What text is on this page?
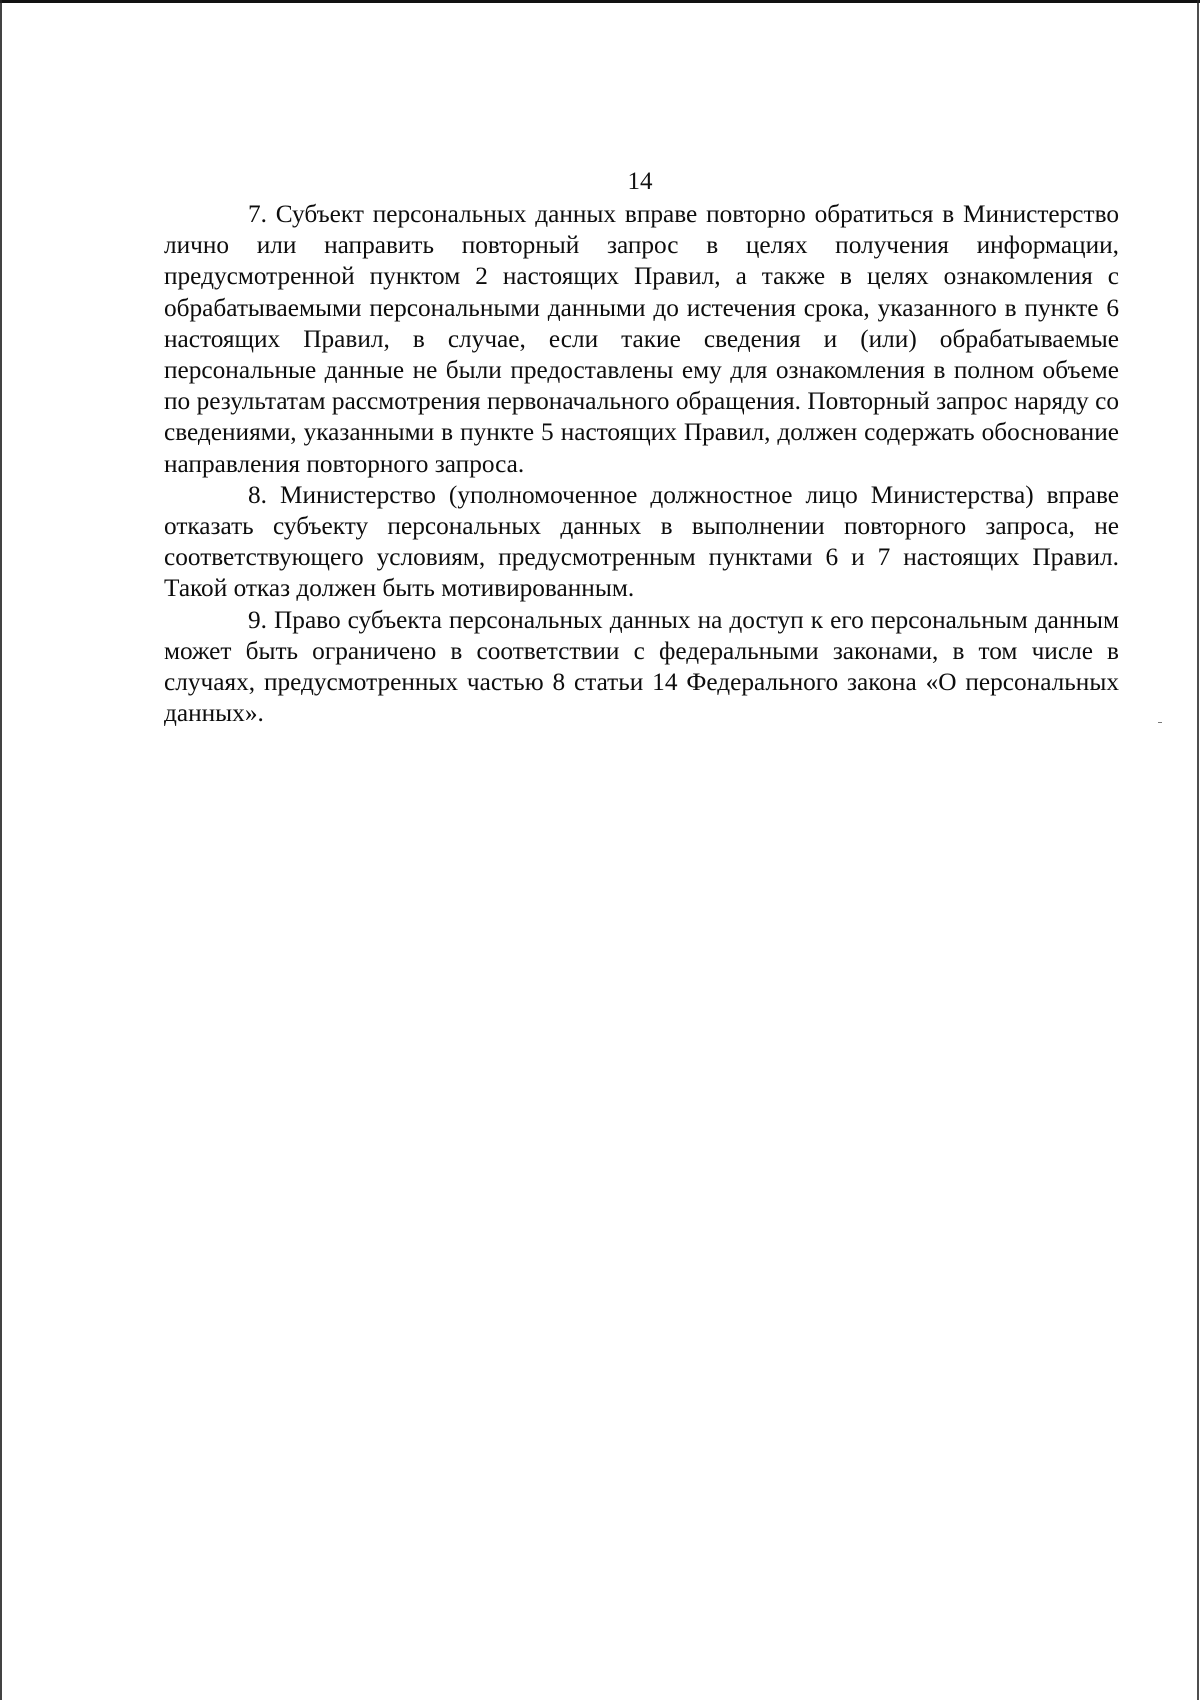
14

7. Субъект персональных данных вправе повторно обратиться в Министерство лично или направить повторный запрос в целях получения информации, предусмотренной пунктом 2 настоящих Правил, а также в целях ознакомления с обрабатываемыми персональными данными до истечения срока, указанного в пункте 6 настоящих Правил, в случае, если такие сведения и (или) обрабатываемые персональные данные не были предоставлены ему для ознакомления в полном объеме по результатам рассмотрения первоначального обращения. Повторный запрос наряду со сведениями, указанными в пункте 5 настоящих Правил, должен содержать обоснование направления повторного запроса.

8. Министерство (уполномоченное должностное лицо Министерства) вправе отказать субъекту персональных данных в выполнении повторного запроса, не соответствующего условиям, предусмотренным пунктами 6 и 7 настоящих Правил. Такой отказ должен быть мотивированным.

9. Право субъекта персональных данных на доступ к его персональным данным может быть ограничено в соответствии с федеральными законами, в том числе в случаях, предусмотренных частью 8 статьи 14 Федерального закона «О персональных данных».
